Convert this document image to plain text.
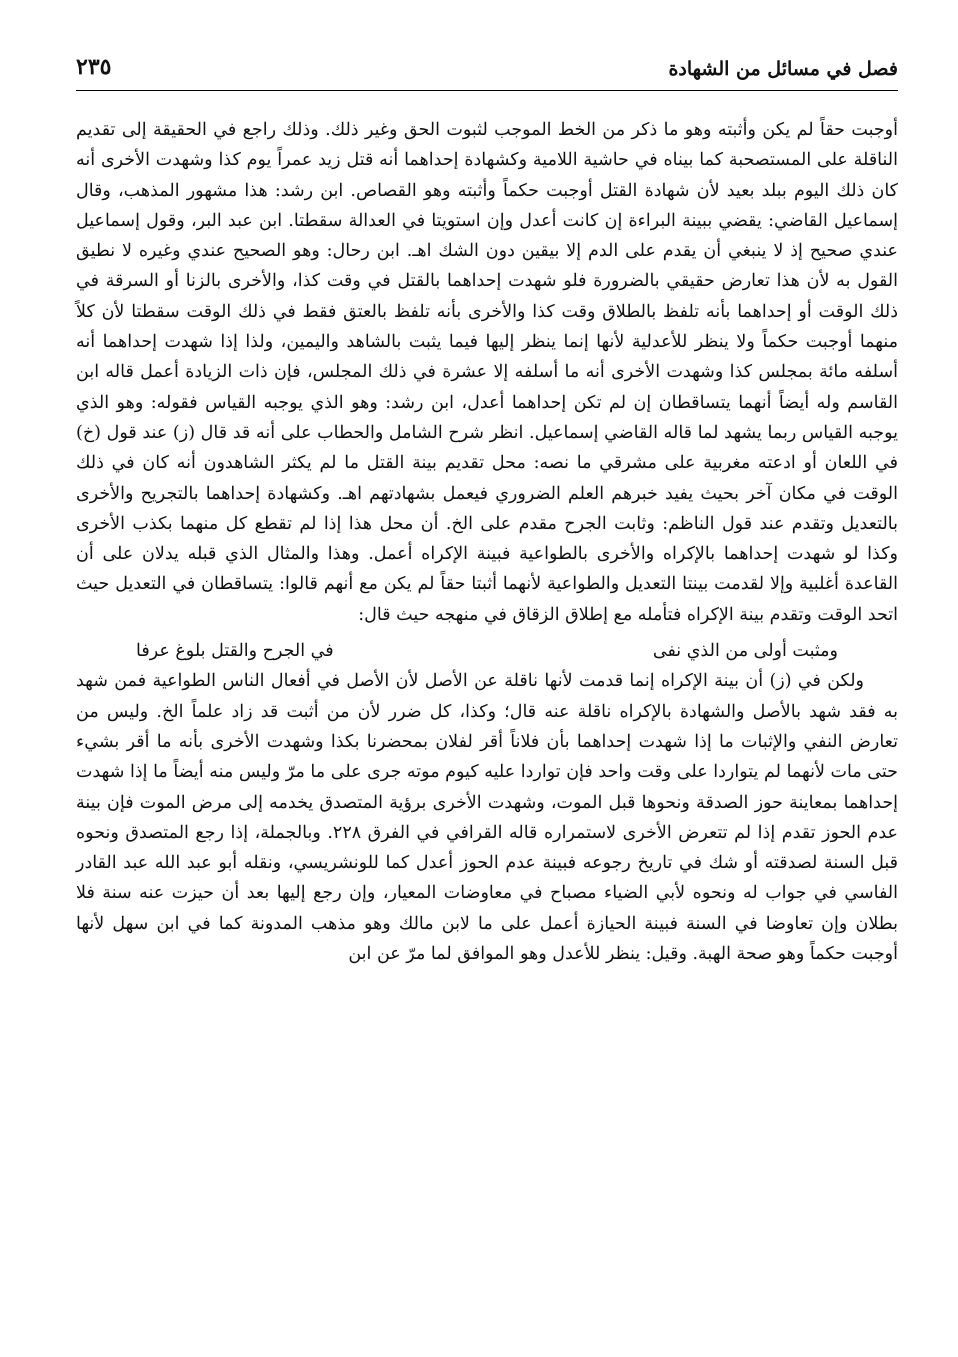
فصل في مسائل من الشهادة
٢٣٥

أوجبت حقاً لم يكن وأثبته وهو ما ذكر من الخط الموجب لثبوت الحق وغير ذلك. وذلك راجع في الحقيقة إلى تقديم الناقلة على المستصحبة كما بيناه في حاشية اللامية وكشهادة إحداهما أنه قتل زيد عمراً يوم كذا وشهدت الأخرى أنه كان ذلك اليوم ببلد بعيد لأن شهادة القتل أوجبت حكماً وأثبته وهو القصاص. ابن رشد: هذا مشهور المذهب، وقال إسماعيل القاضي: يقضي ببينة البراءة إن كانت أعدل وإن استويتا في العدالة سقطتا. ابن عبد البر، وقول إسماعيل عندي صحيح إذ لا ينبغي أن يقدم على الدم إلا بيقين دون الشك اهـ. ابن رحال: وهو الصحيح عندي وغيره لا نطيق القول به لأن هذا تعارض حقيقي بالضرورة فلو شهدت إحداهما بالقتل في وقت كذا، والأخرى بالزنا أو السرقة في ذلك الوقت أو إحداهما بأنه تلفظ بالطلاق وقت كذا والأخرى بأنه تلفظ بالعتق فقط في ذلك الوقت سقطتا لأن كلاً منهما أوجبت حكماً ولا ينظر للأعدلية لأنها إنما ينظر إليها فيما يثبت بالشاهد واليمين، ولذا إذا شهدت إحداهما أنه أسلفه مائة بمجلس كذا وشهدت الأخرى أنه ما أسلفه إلا عشرة في ذلك المجلس، فإن ذات الزيادة أعمل قاله ابن القاسم وله أيضاً أنهما يتساقطان إن لم تكن إحداهما أعدل، ابن رشد: وهو الذي يوجبه القياس فقوله: وهو الذي يوجبه القياس ربما يشهد لما قاله القاضي إسماعيل. انظر شرح الشامل والحطاب على أنه قد قال (ز) عند قول (خ) في اللعان أو ادعته مغربية على مشرقي ما نصه: محل تقديم بينة القتل ما لم يكثر الشاهدون أنه كان في ذلك الوقت في مكان آخر بحيث يفيد خبرهم العلم الضروري فيعمل بشهادتهم اهـ. وكشهادة إحداهما بالتجريح والأخرى بالتعديل وتقدم عند قول الناظم: وثابت الجرح مقدم على الخ. أن محل هذا إذا لم تقطع كل منهما بكذب الأخرى وكذا لو شهدت إحداهما بالإكراه والأخرى بالطواعية فبينة الإكراه أعمل. وهذا والمثال الذي قبله يدلان على أن القاعدة أغلبية وإلا لقدمت بينتا التعديل والطواعية لأنهما أثبتا حقاً لم يكن مع أنهم قالوا: يتساقطان في التعديل حيث اتحد الوقت وتقدم بينة الإكراه فتأمله مع إطلاق الزقاق في منهجه حيث قال:

ومثبت أولى من الذي نفى
في الجرح والقتل بلوغ عرفا

ولكن في (ز) أن بينة الإكراه إنما قدمت لأنها ناقلة عن الأصل لأن الأصل في أفعال الناس الطواعية فمن شهد به فقد شهد بالأصل والشهادة بالإكراه ناقلة عنه قال؛ وكذا، كل ضرر لأن من أثبت قد زاد علماً الخ. وليس من تعارض النفي والإثبات ما إذا شهدت إحداهما بأن فلاناً أقر لفلان بمحضرنا بكذا وشهدت الأخرى بأنه ما أقر بشيء حتى مات لأنهما لم يتواردا على وقت واحد فإن تواردا عليه كيوم موته جرى على ما مرّ وليس منه أيضاً ما إذا شهدت إحداهما بمعاينة حوز الصدقة ونحوها قبل الموت، وشهدت الأخرى برؤية المتصدق يخدمه إلى مرض الموت فإن بينة عدم الحوز تقدم إذا لم تتعرض الأخرى لاستمراره قاله القرافي في الفرق ٢٢٨. وبالجملة، إذا رجع المتصدق ونحوه قبل السنة لصدقته أو شك في تاريخ رجوعه فبينة عدم الحوز أعدل كما للونشريسي، ونقله أبو عبد الله عبد القادر الفاسي في جواب له ونحوه لأبي الضياء مصباح في معاوضات المعيار، وإن رجع إليها بعد أن حيزت عنه سنة فلا بطلان وإن تعاوضا في السنة فبينة الحيازة أعمل على ما لابن مالك وهو مذهب المدونة كما في ابن سهل لأنها أوجبت حكماً وهو صحة الهبة. وقيل: ينظر للأعدل وهو الموافق لما مرّ عن ابن
